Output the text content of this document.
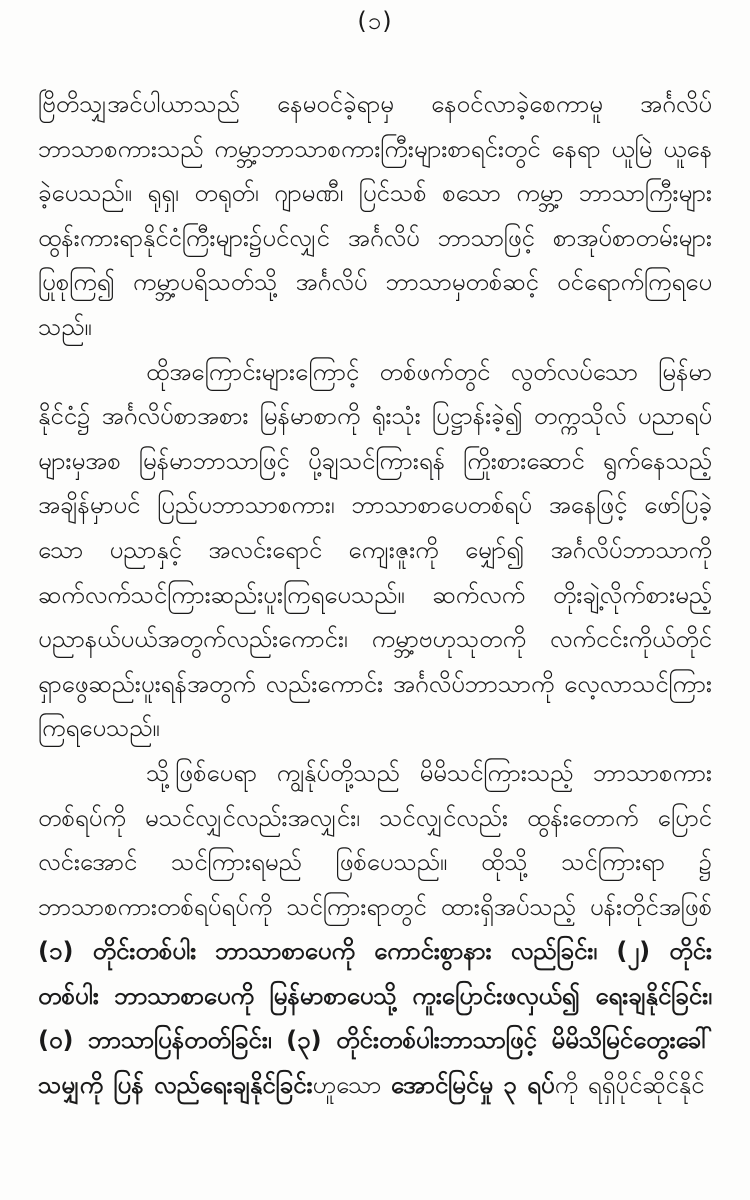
(၁)

ဗြိတိသျှအင်ပါယာသည် နေမဝင်ခဲ့ရာမှ နေဝင်လာခဲ့စေကာမူ အင်္ဂလိပ် ဘာသာစကားသည် ကမ္ဘာ့ဘာသာစကားကြီးများစာရင်းတွင် နေရာ ယူမြဲ ယူနေခဲ့ပေသည်။ ရုရှ၊ တရုတ်၊ ဂျာမဏီ၊ ပြင်သစ် စသော ကမ္ဘာ့ ဘာသာကြီးများ ထွန်းကားရာနိုင်ငံကြီးများ၌ပင်လျှင် အင်္ဂလိပ် ဘာသာဖြင့် စာအုပ်စာတမ်းများပြုစုကြ၍ ကမ္ဘာ့ပရိသတ်သို့ အင်္ဂလိပ် ဘာသာမှတစ်ဆင့် ဝင်ရောက်ကြရပေသည်။

ထိုအကြောင်းများကြောင့် တစ်ဖက်တွင် လွတ်လပ်သော မြန်မာ နိုင်ငံ၌ အင်္ဂလိပ်စာအစား မြန်မာစာကို ရုံးသုံး ပြဋ္ဌာန်းခဲ့၍ တက္ကသိုလ် ပညာရပ်များမှအစ မြန်မာဘာသာဖြင့် ပို့ချသင်ကြားရန် ကြိုးစားဆောင် ရွက်နေသည့် အချိန်မှာပင် ပြည်ပဘာသာစကား၊ ဘာသာစာပေတစ်ရပ် အနေဖြင့် ဖော်ပြခဲ့သော ပညာနှင့် အလင်းရောင် ကျေးဇူးကို မျှော်၍ အင်္ဂလိပ်ဘာသာကို ဆက်လက်သင်ကြားဆည်းပူးကြရပေသည်။ ဆက်လက် တိုးချဲ့လိုက်စားမည့် ပညာနယ်ပယ်အတွက်လည်းကောင်း၊ ကမ္ဘာ့ဗဟုသုတကို လက်ငင်းကိုယ်တိုင် ရှာဖွေဆည်းပူးရန်အတွက် လည်းကောင်း အင်္ဂလိပ်ဘာသာကို လေ့လာသင်ကြားကြရပေသည်။

သို့ဖြစ်ပေရာ ကျွန်ုပ်တို့သည် မိမိသင်ကြားသည့် ဘာသာစကား တစ်ရပ်ကို မသင်လျှင်လည်းအလျှင်း၊ သင်လျှင်လည်း ထွန်းတောက် ပြောင်လင်းအောင် သင်ကြားရမည် ဖြစ်ပေသည်။ ထိုသို့ သင်ကြားရာ ၌ ဘာသာစကားတစ်ရပ်ရပ်ကို သင်ကြားရာတွင် ထားရှိအပ်သည့် ပန်းတိုင်အဖြစ် (၁) တိုင်းတစ်ပါး ဘာသာစာပေကို ကောင်းစွာနား လည်ခြင်း၊ (၂) တိုင်းတစ်ပါး ဘာသာစာပေကို မြန်မာစာပေသို့ ကူးပြောင်းဖလှယ်၍ ရေးချနိုင်ခြင်း၊ (ဝ) ဘာသာပြန်တတ်ခြင်း၊ (၃) တိုင်းတစ်ပါးဘာသာဖြင့် မိမိသိမြင်တွေးခေါ်သမျှကို ပြန် လည်ရေးချနိုင်ခြင်းဟူသော အောင်မြင်မှု ၃ ရပ်ကို ရရှိပိုင်ဆိုင်နိုင်
